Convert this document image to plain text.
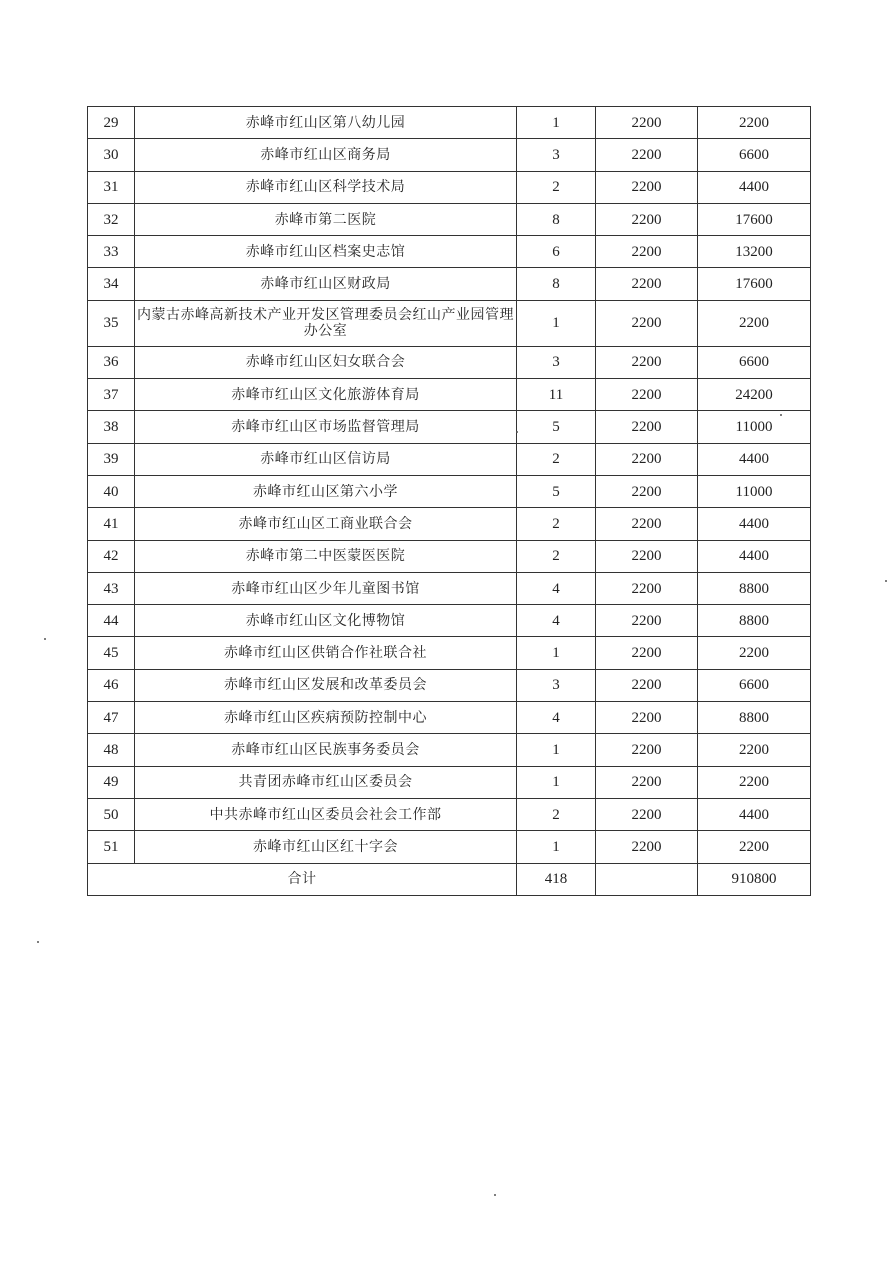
29	赤峰市红山区第八幼儿园	1	2200	2200
30	赤峰市红山区商务局	3	2200	6600
31	赤峰市红山区科学技术局	2	2200	4400
32	赤峰市第二医院	8	2200	17600
33	赤峰市红山区档案史志馆	6	2200	13200
34	赤峰市红山区财政局	8	2200	17600
35	内蒙古赤峰高新技术产业开发区管理委员会红山产业园管理办公室	1	2200	2200
36	赤峰市红山区妇女联合会	3	2200	6600
37	赤峰市红山区文化旅游体育局	11	2200	24200
38	赤峰市红山区市场监督管理局	5	2200	11000
39	赤峰市红山区信访局	2	2200	4400
40	赤峰市红山区第六小学	5	2200	11000
41	赤峰市红山区工商业联合会	2	2200	4400
42	赤峰市第二中医蒙医医院	2	2200	4400
43	赤峰市红山区少年儿童图书馆	4	2200	8800
44	赤峰市红山区文化博物馆	4	2200	8800
45	赤峰市红山区供销合作社联合社	1	2200	2200
46	赤峰市红山区发展和改革委员会	3	2200	6600
47	赤峰市红山区疾病预防控制中心	4	2200	8800
48	赤峰市红山区民族事务委员会	1	2200	2200
49	共青团赤峰市红山区委员会	1	2200	2200
50	中共赤峰市红山区委员会社会工作部	2	2200	4400
51	赤峰市红山区红十字会	1	2200	2200
合计		418		910800
